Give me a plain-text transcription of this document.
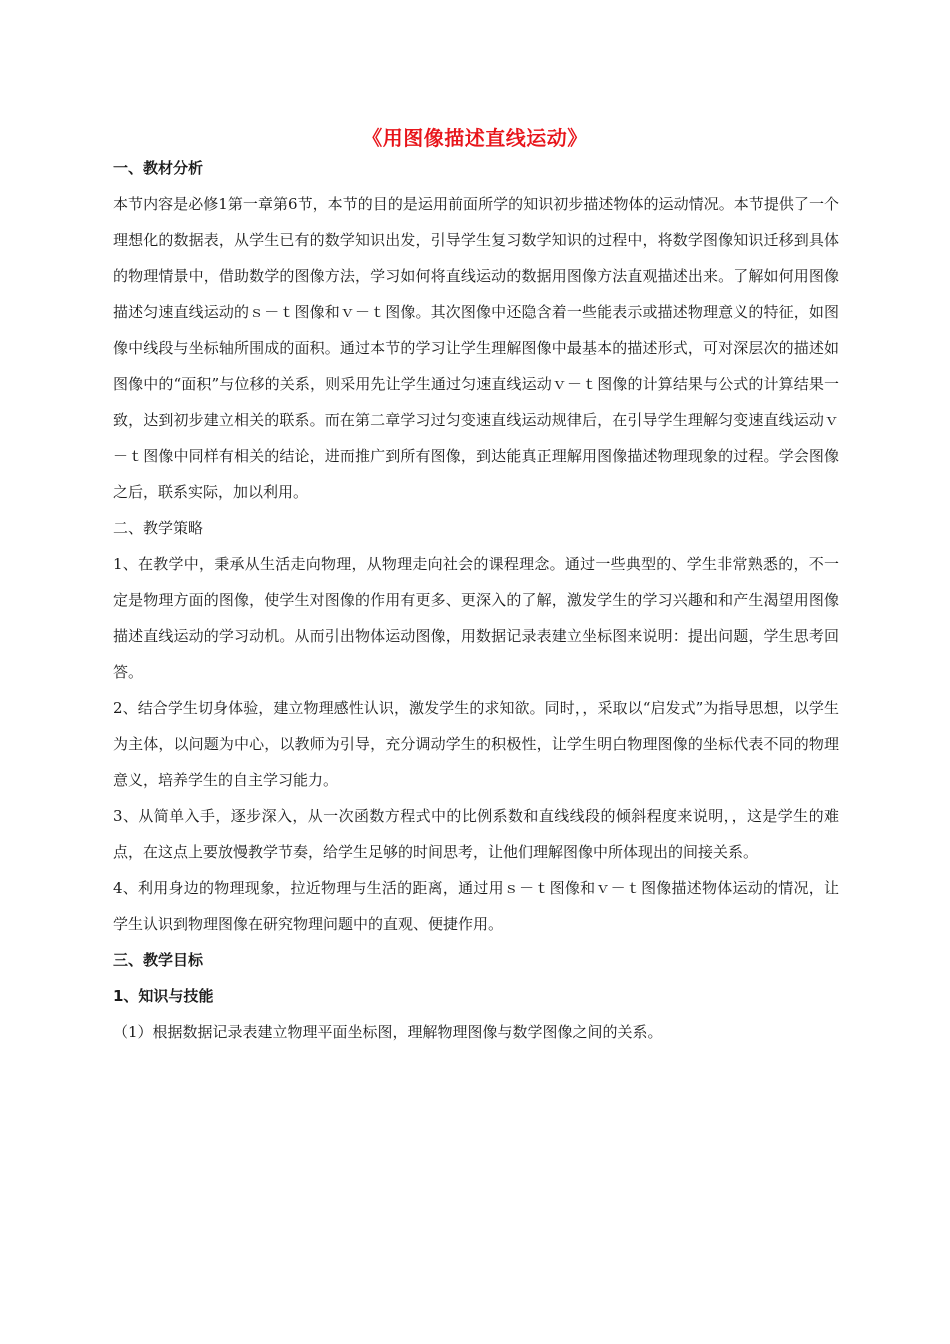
《用图像描述直线运动》
一、教材分析

本节内容是必修1第一章第6节，本节的目的是运用前面所学的知识初步描述物体的运动情况。本节提供了一个理想化的数据表，从学生已有的数学知识出发，引导学生复习数学知识的过程中，将数学图像知识迁移到具体的物理情景中，借助数学的图像方法，学习如何将直线运动的数据用图像方法直观描述出来。了解如何用图像描述匀速直线运动的ｓ－ｔ图像和ｖ－ｔ图像。其次图像中还隐含着一些能表示或描述物理意义的特征，如图像中线段与坐标轴所围成的面积。通过本节的学习让学生理解图像中最基本的描述形式，可对深层次的描述如图像中的“面积”与位移的关系，则采用先让学生通过匀速直线运动ｖ－ｔ图像的计算结果与公式的计算结果一致，达到初步建立相关的联系。而在第二章学习过匀变速直线运动规律后，在引导学生理解匀变速直线运动ｖ－ｔ图像中同样有相关的结论，进而推广到所有图像，到达能真正理解用图像描述物理现象的过程。学会图像之后，联系实际，加以利用。

二、教学策略

1、在教学中，秉承从生活走向物理，从物理走向社会的课程理念。通过一些典型的、学生非常熟悉的，不一定是物理方面的图像，使学生对图像的作用有更多、更深入的了解，激发学生的学习兴趣和和产生渴望用图像描述直线运动的学习动机。从而引出物体运动图像，用数据记录表建立坐标图来说明：提出问题，学生思考回答。

2、结合学生切身体验，建立物理感性认识，激发学生的求知欲。同时，，采取以“启发式”为指导思想，以学生为主体，以问题为中心，以教师为引导，充分调动学生的积极性，让学生明白物理图像的坐标代表不同的物理意义，培养学生的自主学习能力。

3、从简单入手，逐步深入，从一次函数方程式中的比例系数和直线线段的倾斜程度来说明，，这是学生的难点，在这点上要放慢教学节奏，给学生足够的时间思考，让他们理解图像中所体现出的间接关系。

4、利用身边的物理现象，拉近物理与生活的距离，通过用ｓ－ｔ图像和ｖ－ｔ图像描述物体运动的情况，让学生认识到物理图像在研究物理问题中的直观、便捷作用。

三、教学目标
1、知识与技能

（1）根据数据记录表建立物理平面坐标图，理解物理图像与数学图像之间的关系。
